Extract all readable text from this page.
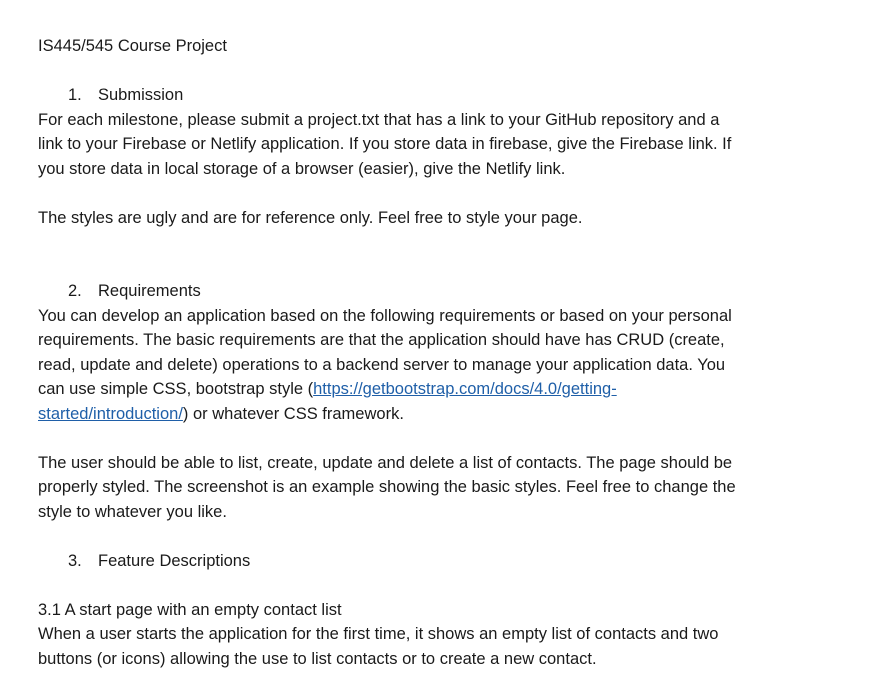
IS445/545 Course Project
1. Submission
For each milestone, please submit a project.txt that has a link to your GitHub repository and a
link to your Firebase or Netlify application. If you store data in firebase, give the Firebase link. If
you store data in local storage of a browser (easier), give the Netlify link.
The styles are ugly and are for reference only. Feel free to style your page.
2. Requirements
You can develop an application based on the following requirements or based on your personal
requirements. The basic requirements are that the application should have has CRUD (create,
read, update and delete) operations to a backend server to manage your application data. You
can use simple CSS, bootstrap style (https://getbootstrap.com/docs/4.0/getting-
started/introduction/) or whatever CSS framework.
The user should be able to list, create, update and delete a list of contacts. The page should be
properly styled. The screenshot is an example showing the basic styles. Feel free to change the
style to whatever you like.
3. Feature Descriptions
3.1 A start page with an empty contact list
When a user starts the application for the first time, it shows an empty list of contacts and two
buttons (or icons) allowing the use to list contacts or to create a new contact.
